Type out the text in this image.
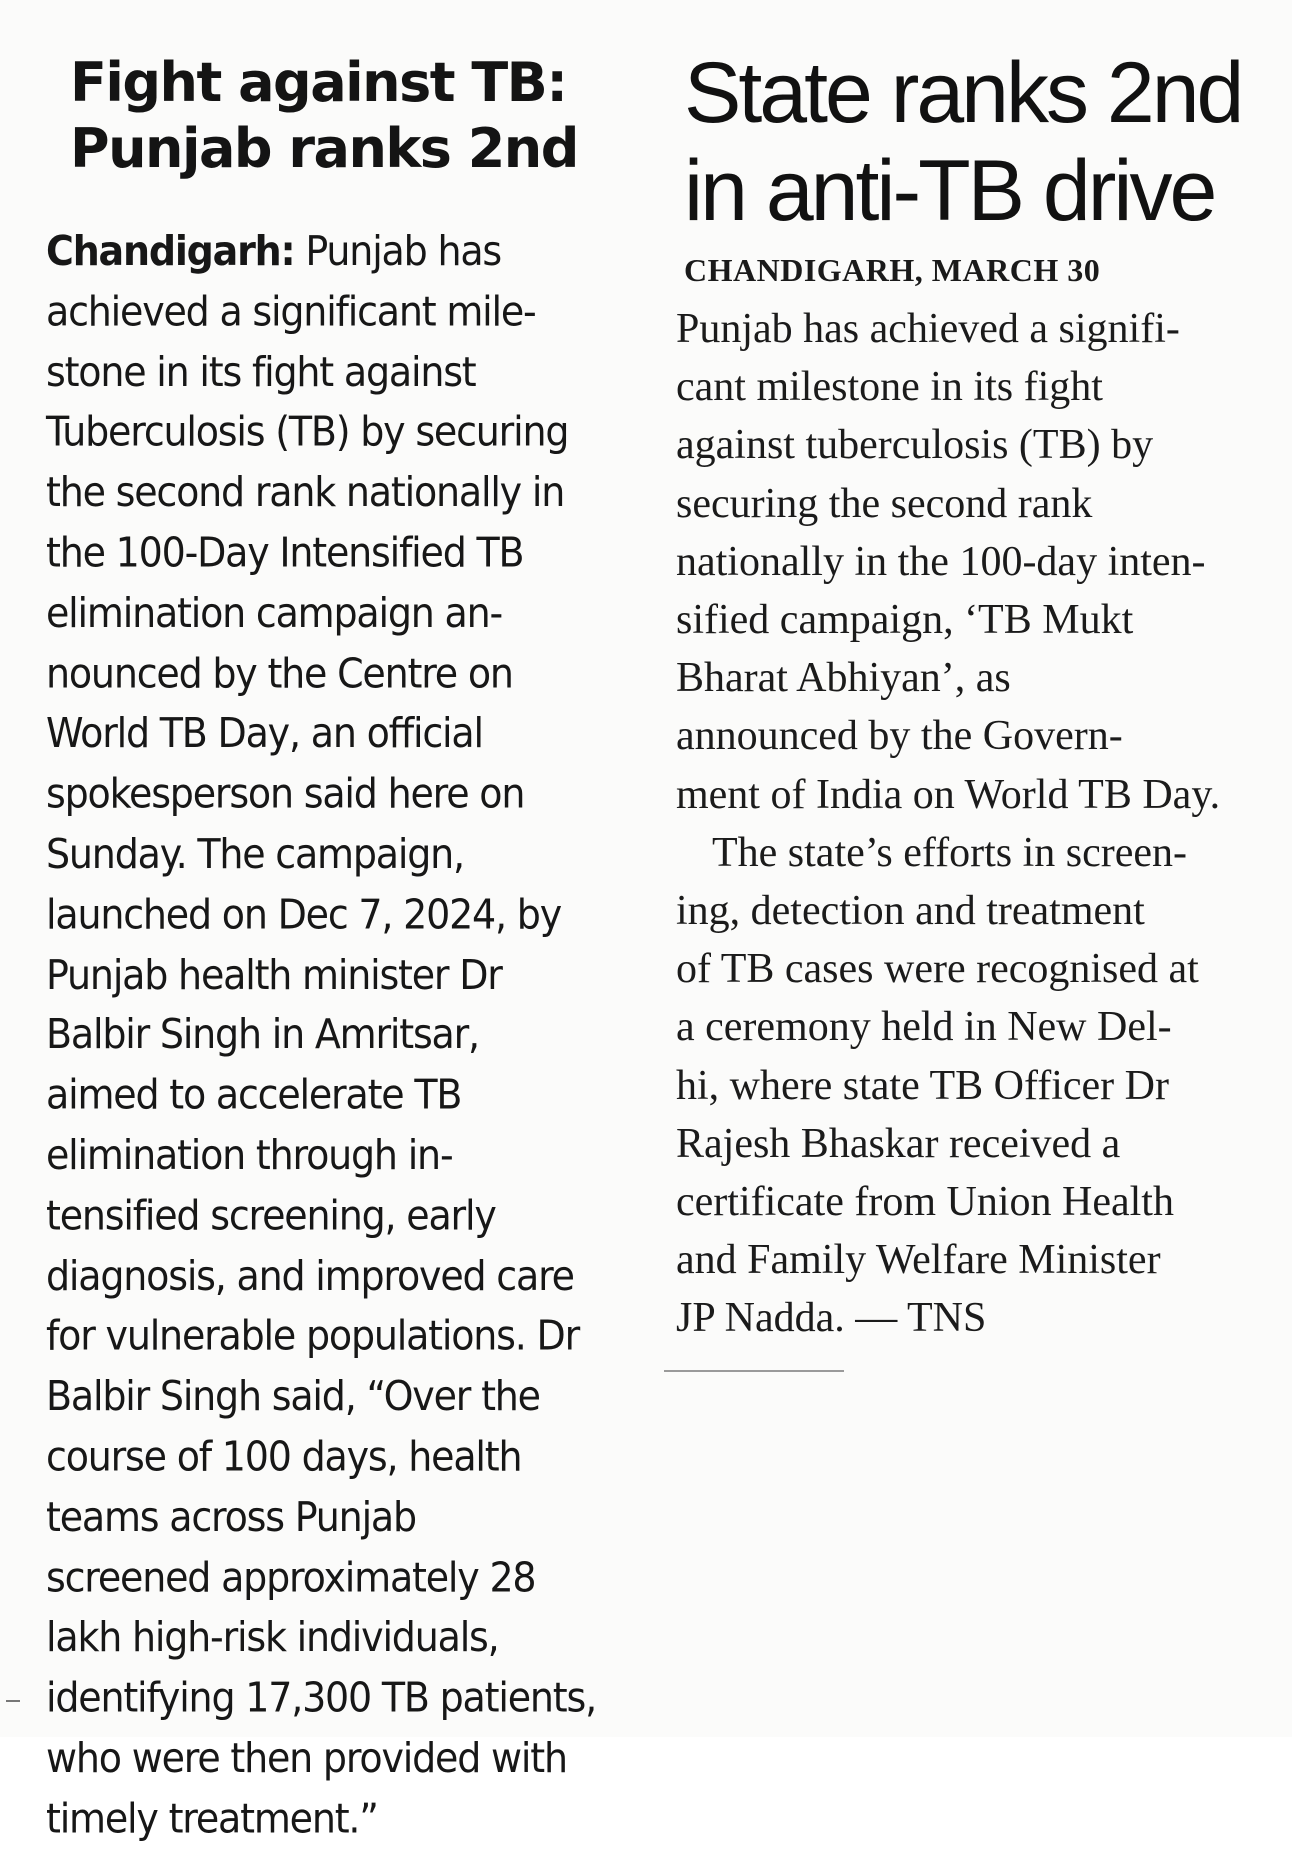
Fight against TB:
Punjab ranks 2nd
Chandigarh: Punjab has
achieved a significant mile-
stone in its fight against
Tuberculosis (TB) by securing
the second rank nationally in
the 100-Day Intensified TB
elimination campaign an-
nounced by the Centre on
World TB Day, an official
spokesperson said here on
Sunday. The campaign,
launched on Dec 7, 2024, by
Punjab health minister Dr
Balbir Singh in Amritsar,
aimed to accelerate TB
elimination through in-
tensified screening, early
diagnosis, and improved care
for vulnerable populations. Dr
Balbir Singh said, “Over the
course of 100 days, health
teams across Punjab
screened approximately 28
lakh high-risk individuals,
identifying 17,300 TB patients,
who were then provided with
timely treatment.”
State ranks 2nd
in anti-TB drive
CHANDIGARH, MARCH 30
Punjab has achieved a signifi-
cant milestone in its fight
against tuberculosis (TB) by
securing the second rank
nationally in the 100-day inten-
sified campaign, ‘TB Mukt
Bharat Abhiyan’, as
announced by the Govern-
ment of India on World TB Day.
The state’s efforts in screen-
ing, detection and treatment
of TB cases were recognised at
a ceremony held in New Del-
hi, where state TB Officer Dr
Rajesh Bhaskar received a
certificate from Union Health
and Family Welfare Minister
JP Nadda. — TNS
